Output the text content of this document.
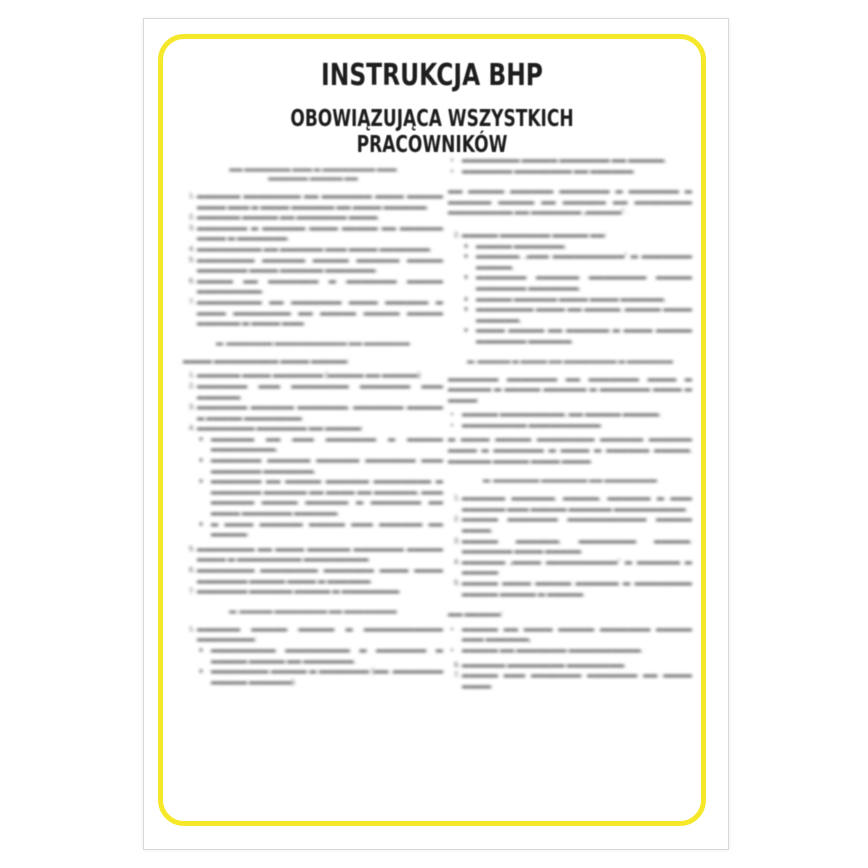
INSTRUKCJA BHP
OBOWIĄZUJĄCA WSZYSTKICH PRACOWNIKÓW
▬▬ ▬▬▬▬▬▬▬ ▬▬▬ ▬ ▬▬▬▬▬▬▬▬ ▬▬▬
▬▬▬▬▬▬ ▬▬▬▬▬ ▬▬
1. ▬▬▬▬▬▬ ▬▬▬▬▬▬▬▬ ▬▬ ▬▬▬▬▬▬▬ ▬▬▬▬ ▬▬▬▬▬ ▬▬▬▬ ▬▬▬ ▬ ▬▬▬▬ ▬▬▬▬▬▬ ▬▬ ▬▬▬▬ ▬▬▬▬▬▬.
2. ▬▬▬▬▬▬ ▬▬▬▬▬ ▬▬ ▬▬▬▬▬▬▬ ▬▬▬▬.
3. ▬▬▬▬▬▬▬ ▬ ▬▬▬▬▬▬ ▬▬▬▬ ▬▬▬▬▬ ▬▬ ▬▬▬▬▬▬ ▬▬▬▬ ▬ ▬▬▬▬▬▬▬.
4. ▬▬▬▬▬▬▬▬▬ ▬▬ ▬▬▬▬▬▬ ▬▬▬ ▬▬▬▬ ▬▬▬▬▬▬▬.
5. ▬▬▬▬▬▬▬▬ ▬▬▬▬▬▬ ▬▬▬▬▬ ▬▬▬▬▬▬ ▬▬▬▬▬ ▬▬▬▬▬▬▬ ▬▬▬▬ ▬▬▬▬▬▬ ▬▬▬▬▬▬▬.
6. ▬▬▬▬▬ ▬▬ ▬▬▬▬▬▬▬ ▬ ▬▬▬▬▬▬▬ ▬▬▬▬▬ ▬▬▬▬▬▬▬▬▬.
7. ▬▬▬▬▬▬▬▬▬ ▬▬ ▬▬▬▬▬▬▬ ▬▬▬▬ ▬▬▬▬▬▬ ▬ ▬▬▬▬ ▬▬▬▬▬▬▬▬ ▬▬ ▬▬▬▬▬ ▬▬▬▬▬ ▬▬▬▬▬ ▬▬▬▬▬▬ ▬ ▬▬▬▬ ▬▬▬.
▬. ▬▬▬▬▬▬▬ ▬▬▬▬▬▬▬▬▬▬▬ ▬▬ ▬▬▬▬▬▬▬

▬▬▬▬ ▬▬▬▬▬▬▬▬▬ ▬▬▬▬ ▬▬▬▬▬:

1. ▬▬▬▬▬▬ ▬▬▬▬ ▬▬▬▬▬▬▬ (▬▬▬▬▬ ▬▬ ▬▬▬▬▬).
2. ▬▬▬▬▬▬▬ ▬▬▬ ▬▬▬▬▬▬▬▬ ▬▬▬▬▬▬▬ ▬▬▬ ▬▬▬▬▬▬.
3. ▬▬▬▬▬▬▬ ▬▬▬▬▬▬ ▬▬▬▬▬▬▬, ▬▬▬▬▬▬▬ ▬▬▬▬▬ ▬ ▬▬▬▬▬ ▬▬▬▬▬▬▬▬.
4. ▬▬▬▬▬▬▬▬ ▬▬▬▬▬▬▬ ▬▬ ▬▬▬▬▬:
◦ ▬▬▬▬▬▬ ▬▬ ▬▬▬ ▬▬▬▬▬▬▬ ▬ ▬▬▬▬▬ ▬▬▬▬▬▬▬▬▬,
◦ ▬▬▬▬▬▬▬ ▬▬▬▬▬▬ ▬▬▬▬▬▬ ▬▬▬▬▬▬▬ ▬▬▬ ▬▬▬▬▬▬▬ ▬▬▬▬▬▬▬,
◦ ▬▬▬▬▬▬▬ ▬▬ ▬▬▬▬▬ ▬▬▬▬▬▬ ▬▬▬▬▬▬▬▬ ▬ ▬▬▬▬▬▬▬ ▬▬▬▬▬▬ ▬▬ ▬▬▬▬ ▬▬ ▬▬▬▬▬▬, ▬▬▬ ▬▬▬▬▬▬ ▬▬▬▬▬ ▬▬▬▬▬▬ ▬ ▬▬▬▬▬▬▬ ▬▬ ▬▬▬▬ ▬▬▬▬▬▬▬ ▬▬▬▬▬▬.
◦ ▬ ▬▬▬▬ ▬▬▬▬▬▬ ▬▬▬▬▬ ▬▬▬ ▬▬▬▬▬▬ ▬▬ ▬▬▬▬▬.
5. ▬▬▬▬▬▬▬▬ ▬▬ ▬▬▬▬ ▬▬▬▬▬▬ ▬▬▬▬▬▬▬ ▬▬▬▬▬ ▬▬▬▬ ▬ ▬▬▬▬▬▬▬▬▬ ▬▬▬▬▬▬▬▬▬.
6. ▬▬▬▬▬▬▬▬ ▬▬▬▬▬▬▬▬ ▬▬▬▬▬▬▬ ▬▬▬▬ ▬▬▬▬ ▬▬▬▬▬▬▬ ▬▬▬▬▬ ▬▬▬▬ ▬ ▬▬▬▬▬▬.
7. ▬▬▬▬▬▬▬ ▬▬▬▬▬▬ ▬▬▬▬▬ ▬ ▬▬▬▬▬▬▬▬.
▬. ▬▬▬▬▬ ▬▬▬▬▬▬▬▬ ▬▬ ▬▬▬▬▬▬▬▬
1. ▬▬▬▬▬▬ ▬▬▬▬▬ ▬▬▬▬▬ ▬ ▬▬▬▬▬▬▬▬▬▬▬ ▬▬▬▬▬▬▬▬:
◦ ▬▬▬▬▬▬▬▬▬ ▬▬▬▬▬▬▬▬▬ ▬ ▬▬▬▬▬▬▬ ▬ ▬▬▬▬▬ ▬▬▬▬▬ ▬▬ ▬▬▬▬▬▬▬,
◦ ▬▬▬▬▬▬▬▬ ▬▬▬▬▬ ▬ ▬▬▬▬▬▬▬ (▬▬. ▬▬▬▬▬▬▬ ▬▬▬▬▬ ▬▬▬▬▬▬).
• ▬▬▬▬▬▬▬▬ ▬▬▬▬▬ ▬▬▬▬▬▬▬ ▬▬ ▬▬▬▬▬,
• ▬▬▬▬▬▬▬ ▬▬▬▬▬▬▬▬ ▬▬ ▬▬▬▬▬▬.

▬▬ ▬▬▬▬▬ ▬▬▬▬▬▬ ▬▬▬▬▬▬▬ ▬ ▬▬▬▬▬▬▬ ▬ ▬▬▬▬▬▬ ▬▬▬▬▬ ▬▬ ▬▬▬▬▬▬ ▬▬ ▬▬▬▬▬▬▬▬ ▬▬▬▬▬▬▬▬▬ ▬▬ ▬▬▬▬▬▬▬ „▬▬▬▬▬”.

2. ▬▬▬▬▬ ▬▬▬▬▬▬▬ ▬▬▬▬▬ ▬▬:
◦ ▬▬▬▬▬ ▬▬▬▬▬▬▬,
◦ ▬▬▬▬▬▬, „▬▬▬ ▬▬▬▬▬▬▬▬▬▬” ▬ ▬▬▬▬▬▬▬ ▬▬▬▬▬,
◦ ▬▬▬▬▬▬▬ ▬▬▬▬▬▬ ▬▬▬▬▬▬▬▬ ▬▬▬▬▬ ▬▬▬▬▬▬▬ ▬▬▬▬▬▬▬,
◦ ▬▬▬▬▬ ▬▬▬▬▬▬ ▬▬▬▬ ▬▬▬▬ ▬▬▬▬▬▬,
◦ ▬▬▬▬▬▬▬▬ ▬▬▬▬ ▬▬ ▬▬▬▬▬, ▬▬▬▬▬ ▬▬▬▬ ▬▬▬▬▬▬,
◦ ▬▬▬▬ ▬▬▬▬▬ ▬▬ ▬▬▬▬▬▬ ▬ ▬▬▬▬ ▬▬▬▬▬ ▬▬▬▬▬▬▬ ▬▬▬▬▬▬.
▬. ▬▬▬▬▬ ▬ ▬▬▬▬ ▬▬ ▬▬▬▬▬▬▬▬ ▬ ▬▬▬▬▬▬▬

▬▬▬▬▬▬▬ ▬▬▬▬▬▬▬ ▬▬ ▬▬▬▬▬▬▬ ▬▬▬▬ ▬ ▬▬▬▬▬▬ ▬ ▬▬▬▬▬ ▬▬▬▬▬▬ ▬ ▬▬▬▬▬▬▬ ▬▬▬▬ ▬ ▬▬▬▬:

• ▬▬▬▬▬ ▬▬▬▬▬▬▬▬▬, ▬▬ ▬▬▬▬▬ ▬▬▬▬▬,
• ▬▬▬▬▬▬▬▬▬ ▬▬▬▬▬▬▬▬▬▬.

▬ ▬▬▬▬ ▬▬▬▬▬ ▬▬▬▬▬▬▬▬ ▬▬▬▬▬▬ ▬▬▬▬▬▬ ▬▬▬▬ ▬ ▬▬▬▬▬▬▬ ▬ ▬▬▬▬ ▬ ▬▬▬▬▬▬ ▬▬▬▬▬, ▬▬▬▬▬▬ ▬▬▬▬▬ ▬▬▬▬ ▬▬▬▬.

▬. ▬▬▬▬▬▬▬ ▬▬▬▬▬▬▬ ▬▬ ▬▬▬▬▬▬▬▬
1. ▬▬▬▬▬▬ ▬▬▬▬▬▬, ▬▬▬▬▬, ▬▬▬▬▬▬ ▬ ▬▬▬ ▬▬▬▬▬▬ ▬▬▬ ▬▬▬▬▬ ▬▬▬▬▬▬ ▬▬▬▬▬▬▬▬▬▬.
2. ▬▬▬▬▬ ▬▬▬▬▬▬▬ ▬▬▬▬▬▬▬▬▬▬▬ ▬▬▬▬▬ ▬▬▬▬.
3. ▬▬▬▬▬ ▬▬▬▬▬▬, ▬▬▬▬▬▬▬▬ ▬▬▬▬▬, ▬▬▬▬▬▬▬ ▬▬▬▬ ▬▬▬▬▬.
4. ▬▬▬▬▬▬ „▬▬▬▬ ▬▬▬▬▬▬▬▬▬▬” ▬ ▬▬▬▬▬▬ ▬ ▬▬▬▬▬.
5. ▬▬▬▬▬ ▬▬▬▬ ▬▬▬▬▬ ▬▬▬▬▬▬ ▬ ▬▬▬▬▬▬▬▬ ▬▬▬▬▬ ▬▬▬▬▬ ▬ ▬▬▬▬▬.

▬▬ ▬▬▬▬▬:

• ▬▬▬▬▬ ▬▬ ▬▬▬▬ ▬▬▬▬▬ ▬▬▬▬▬▬▬ ▬▬▬▬▬ ▬▬▬ ▬▬▬▬▬▬,
• ▬▬▬▬▬ ▬▬ ▬▬▬▬▬▬▬ ▬▬▬▬▬▬▬▬▬▬.
6. ▬▬▬▬▬▬ ▬▬▬▬▬▬▬▬ ▬▬▬▬▬▬▬▬.
7. ▬▬▬▬▬ ▬▬▬ ▬▬▬▬▬▬▬ ▬▬▬▬▬▬▬ ▬▬ ▬▬▬▬ ▬▬▬▬.
